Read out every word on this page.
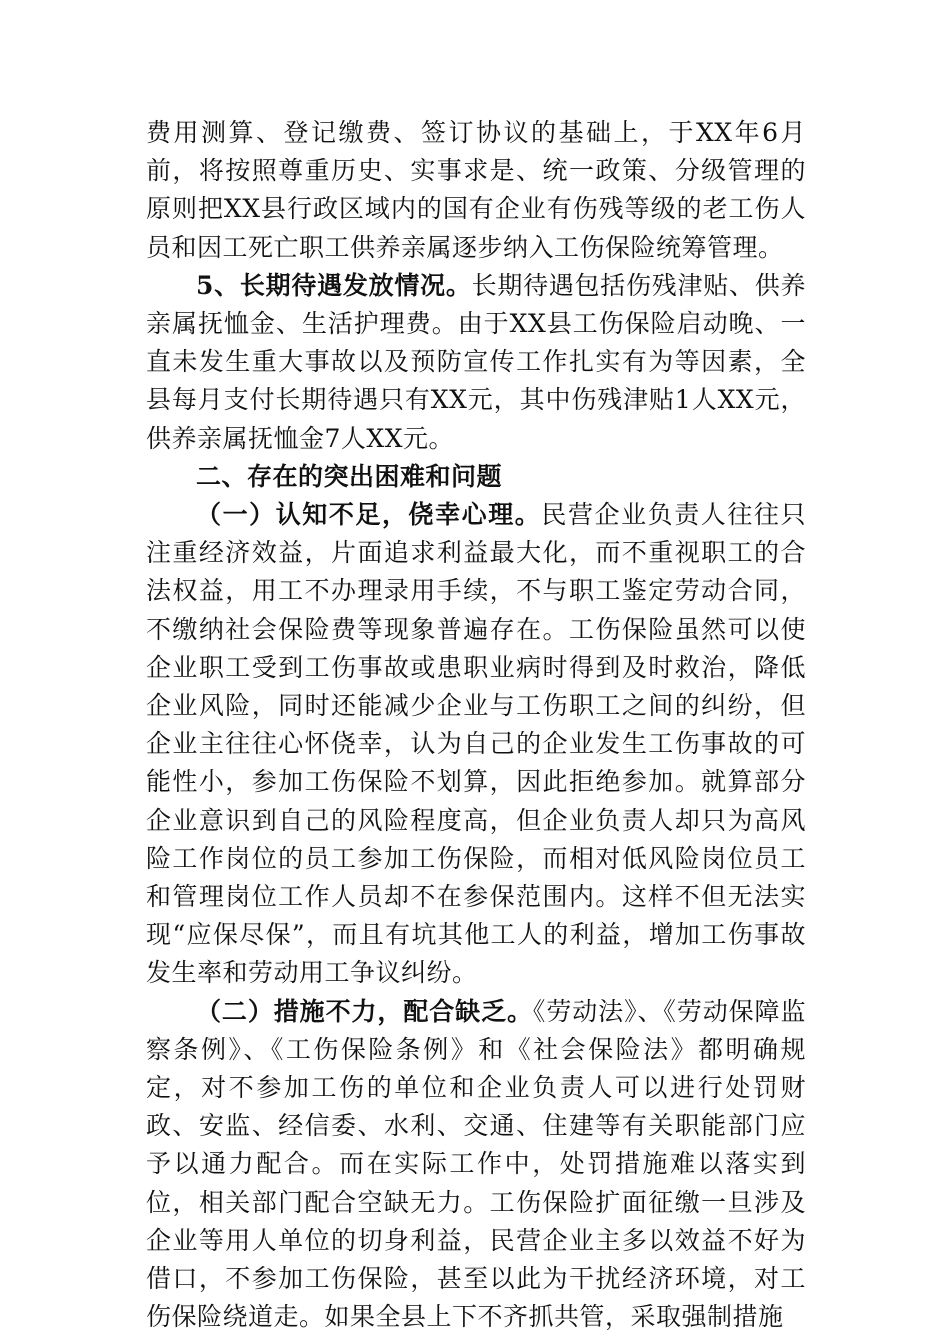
费用测算、登记缴费、签订协议的基础上，于XX年6月前，将按照尊重历史、实事求是、统一政策、分级管理的原则把XX县行政区域内的国有企业有伤残等级的老工伤人员和因工死亡职工供养亲属逐步纳入工伤保险统筹管理。

5、长期待遇发放情况。长期待遇包括伤残津贴、供养亲属抚恤金、生活护理费。由于XX县工伤保险启动晚、一直未发生重大事故以及预防宣传工作扎实有为等因素，全县每月支付长期待遇只有XX元，其中伤残津贴1人XX元，供养亲属抚恤金7人XX元。

二、存在的突出困难和问题

（一）认知不足，侥幸心理。民营企业负责人往往只注重经济效益，片面追求利益最大化，而不重视职工的合法权益，用工不办理录用手续，不与职工鉴定劳动合同，不缴纳社会保险费等现象普遍存在。工伤保险虽然可以使企业职工受到工伤事故或患职业病时得到及时救治，降低企业风险，同时还能减少企业与工伤职工之间的纠纷，但企业主往往心怀侥幸，认为自己的企业发生工伤事故的可能性小，参加工伤保险不划算，因此拒绝参加。就算部分企业意识到自己的风险程度高，但企业负责人却只为高风险工作岗位的员工参加工伤保险，而相对低风险岗位员工和管理岗位工作人员却不在参保范围内。这样不但无法实现“应保尽保”，而且有坑其他工人的利益，增加工伤事故发生率和劳动用工争议纠纷。

（二）措施不力，配合缺乏。《劳动法》、《劳动保障监察条例》、《工伤保险条例》和《社会保险法》都明确规定，对不参加工伤的单位和企业负责人可以进行处罚财政、安监、经信委、水利、交通、住建等有关职能部门应予以通力配合。而在实际工作中，处罚措施难以落实到位，相关部门配合空缺无力。工伤保险扩面征缴一旦涉及企业等用人单位的切身利益，民营企业主多以效益不好为借口，不参加工伤保险，甚至以此为干扰经济环境，对工伤保险绕道走。如果全县上下不齐抓共管，采取强制措施
